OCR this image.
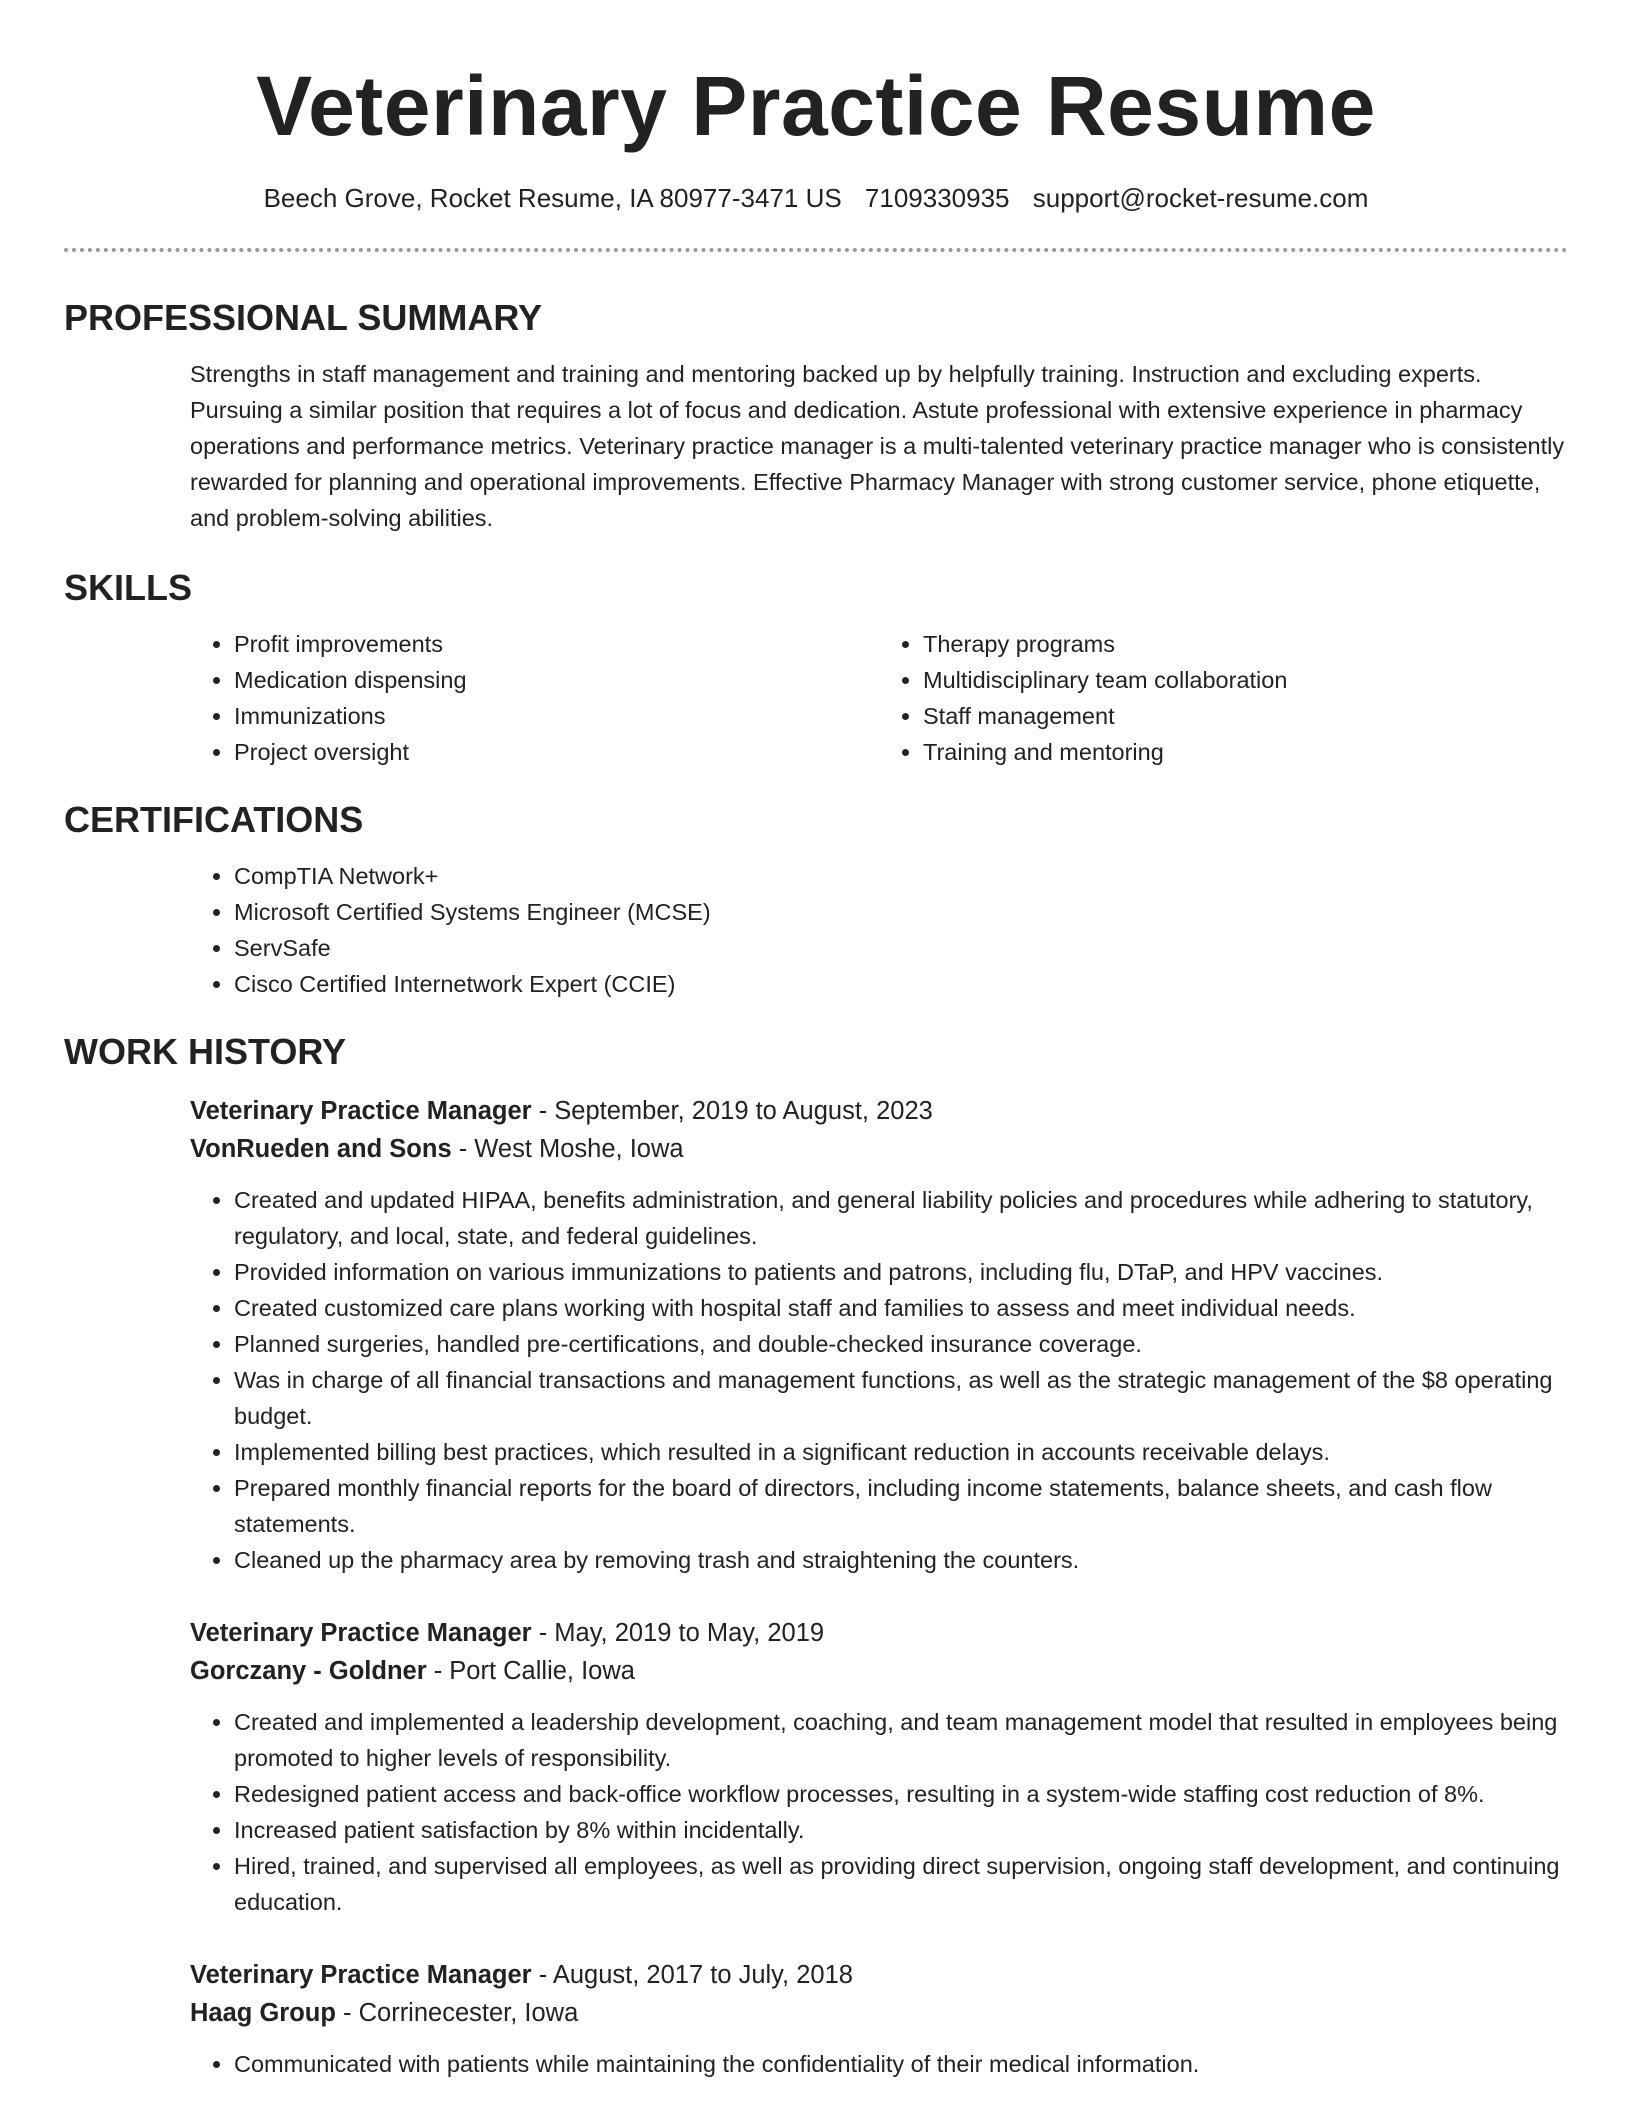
Veterinary Practice Resume
Beech Grove, Rocket Resume, IA 80977-3471 US 7109330935 support@rocket-resume.com
PROFESSIONAL SUMMARY

Strengths in staff management and training and mentoring backed up by helpfully training. Instruction and excluding experts. Pursuing a similar position that requires a lot of focus and dedication. Astute professional with extensive experience in pharmacy operations and performance metrics. Veterinary practice manager is a multi-talented veterinary practice manager who is consistently rewarded for planning and operational improvements. Effective Pharmacy Manager with strong customer service, phone etiquette, and problem-solving abilities.

SKILLS
• Profit improvements
• Medication dispensing
• Immunizations
• Project oversight
• Therapy programs
• Multidisciplinary team collaboration
• Staff management
• Training and mentoring
CERTIFICATIONS
• CompTIA Network+
• Microsoft Certified Systems Engineer (MCSE)
• ServSafe
• Cisco Certified Internetwork Expert (CCIE)
WORK HISTORY
Veterinary Practice Manager - September, 2019 to August, 2023
VonRueden and Sons - West Moshe, Iowa
• Created and updated HIPAA, benefits administration, and general liability policies and procedures while adhering to statutory, regulatory, and local, state, and federal guidelines.
• Provided information on various immunizations to patients and patrons, including flu, DTaP, and HPV vaccines.
• Created customized care plans working with hospital staff and families to assess and meet individual needs.
• Planned surgeries, handled pre-certifications, and double-checked insurance coverage.
• Was in charge of all financial transactions and management functions, as well as the strategic management of the $8 operating budget.
• Implemented billing best practices, which resulted in a significant reduction in accounts receivable delays.
• Prepared monthly financial reports for the board of directors, including income statements, balance sheets, and cash flow statements.
• Cleaned up the pharmacy area by removing trash and straightening the counters.
Veterinary Practice Manager - May, 2019 to May, 2019
Gorczany - Goldner - Port Callie, Iowa
• Created and implemented a leadership development, coaching, and team management model that resulted in employees being promoted to higher levels of responsibility.
• Redesigned patient access and back-office workflow processes, resulting in a system-wide staffing cost reduction of 8%.
• Increased patient satisfaction by 8% within incidentally.
• Hired, trained, and supervised all employees, as well as providing direct supervision, ongoing staff development, and continuing education.
Veterinary Practice Manager - August, 2017 to July, 2018
Haag Group - Corrinecester, Iowa
• Communicated with patients while maintaining the confidentiality of their medical information.
